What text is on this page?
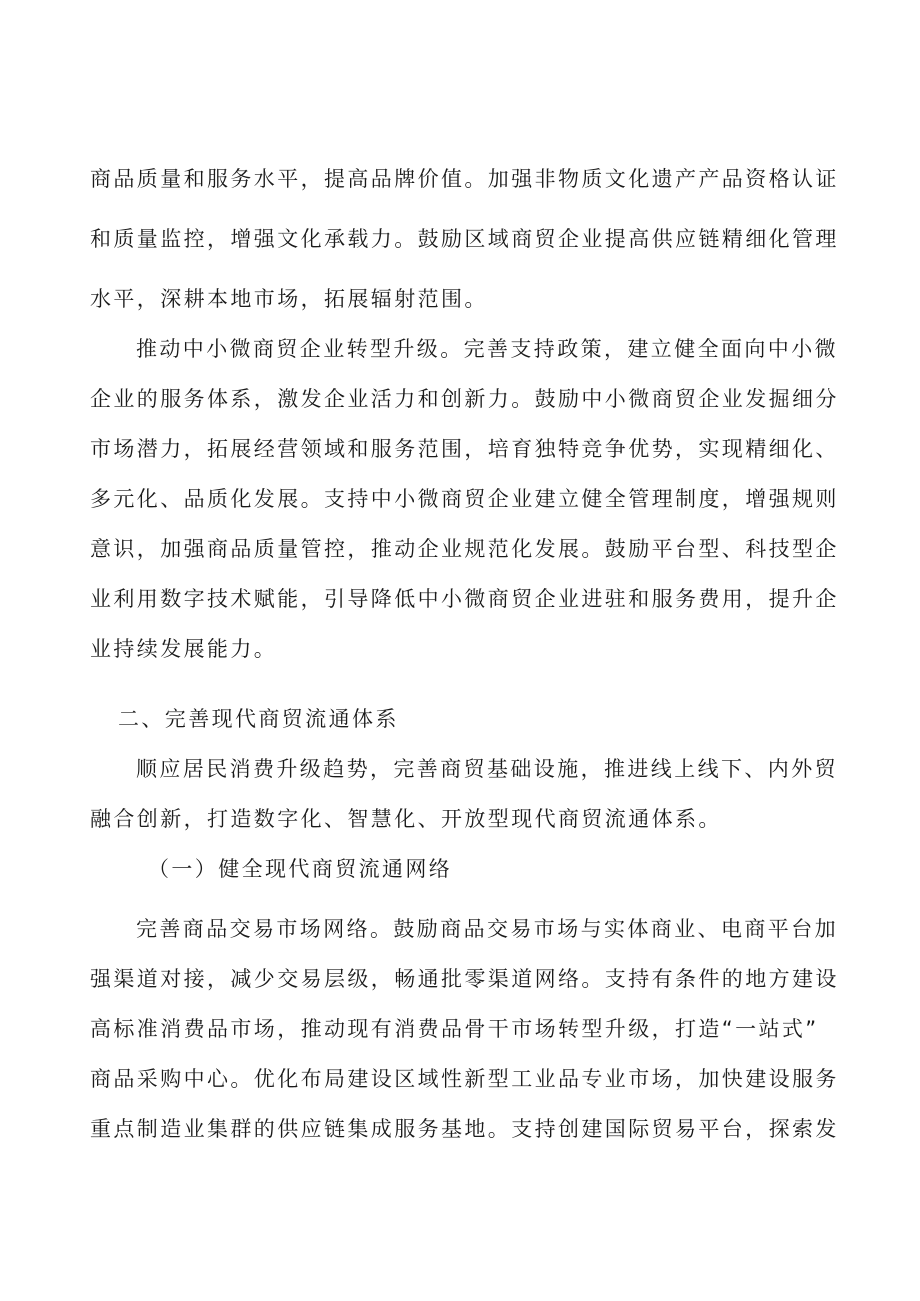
商品质量和服务水平，提高品牌价值。加强非物质文化遗产产品资格认证
和质量监控，增强文化承载力。鼓励区域商贸企业提高供应链精细化管理
水平，深耕本地市场，拓展辐射范围。
推动中小微商贸企业转型升级。完善支持政策，建立健全面向中小微
企业的服务体系，激发企业活力和创新力。鼓励中小微商贸企业发掘细分
市场潜力，拓展经营领域和服务范围，培育独特竞争优势，实现精细化、
多元化、品质化发展。支持中小微商贸企业建立健全管理制度，增强规则
意识，加强商品质量管控，推动企业规范化发展。鼓励平台型、科技型企
业利用数字技术赋能，引导降低中小微商贸企业进驻和服务费用，提升企
业持续发展能力。
二、完善现代商贸流通体系
顺应居民消费升级趋势，完善商贸基础设施，推进线上线下、内外贸
融合创新，打造数字化、智慧化、开放型现代商贸流通体系。
（一）健全现代商贸流通网络
完善商品交易市场网络。鼓励商品交易市场与实体商业、电商平台加
强渠道对接，减少交易层级，畅通批零渠道网络。支持有条件的地方建设
高标准消费品市场，推动现有消费品骨干市场转型升级，打造“一站式”
商品采购中心。优化布局建设区域性新型工业品专业市场，加快建设服务
重点制造业集群的供应链集成服务基地。支持创建国际贸易平台，探索发
